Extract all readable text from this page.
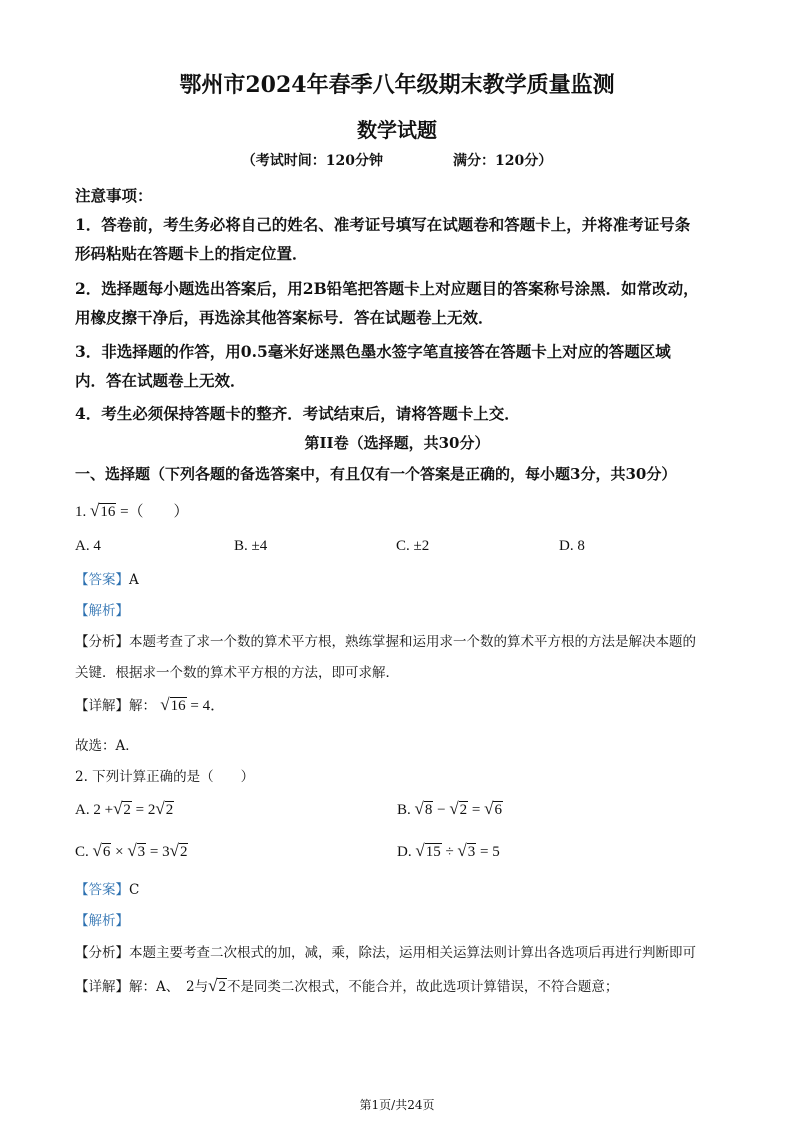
鄂州市2024年春季八年级期末教学质量监测
数学试题
（考试时间：120分钟	满分：120分）
注意事项：
1．答卷前，考生务必将自己的姓名、准考证号填写在试题卷和答题卡上，并将准考证号条
形码粘贴在答题卡上的指定位置．
2．选择题每小题选出答案后，用2B铅笔把答题卡上对应题目的答案称号涂黑．如常改动，
用橡皮擦干净后，再选涂其他答案标号．答在试题卷上无效．
3．非选择题的作答，用0.5毫米好迷黑色墨水签字笔直接答在答题卡上对应的答题区域
内．答在试题卷上无效．
4．考生必须保持答题卡的整齐．考试结束后，请将答题卡上交．
第II卷（选择题，共30分）
一、选择题（下列各题的备选答案中，有且仅有一个答案是正确的，每小题3分，共30分）
1. √16 =（　　）
A. 4	B. ±4	C. ±2	D. 8
【答案】A
【解析】
【分析】本题考查了求一个数的算术平方根，熟练掌握和运用求一个数的算术平方根的方法是解决本题的
关键．根据求一个数的算术平方根的方法，即可求解．
【详解】解： √16 = 4．
故选：A．
2. 下列计算正确的是（　　）
A. 2 +√2 = 2√2	B. √8 − √2 = √6
C. √6 × √3 = 3√2	D. √15 ÷ √3 = 5
【答案】C
【解析】
【分析】本题主要考查二次根式的加，减，乘，除法，运用相关运算法则计算出各选项后再进行判断即可
【详解】解：A、　2与√2不是同类二次根式，不能合并，故此选项计算错误，不符合题意；
第1页/共24页
